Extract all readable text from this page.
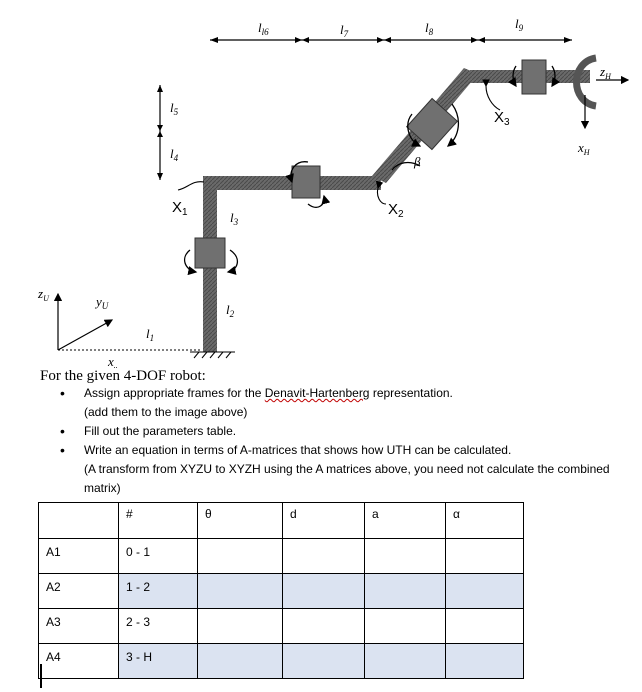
$l_{l6}$	$l_7$	$l_8$
$l_9$
$l_5$
$l_4$	β
$l_3$
$l_2$
$l_1$
$X_1$	$X_2$
$X_3$
$x_H$
$z_H$
$z_U$	$y_U$
x..
For the given 4-DOF robot:
• Assign appropriate frames for the Denavit-Hartenberg representation.
(add them to the image above)
• Fill out the parameters table.
• Write an equation in terms of A-matrices that shows how UTH can be calculated.
(A transform from XYZU to XYZH using the A matrices above, you need not calculate the combined matrix)
	#	θ	d	a	α
A1	0 - 1				
A2	1 - 2				
A3	2 - 3				
A4	3 - H				
